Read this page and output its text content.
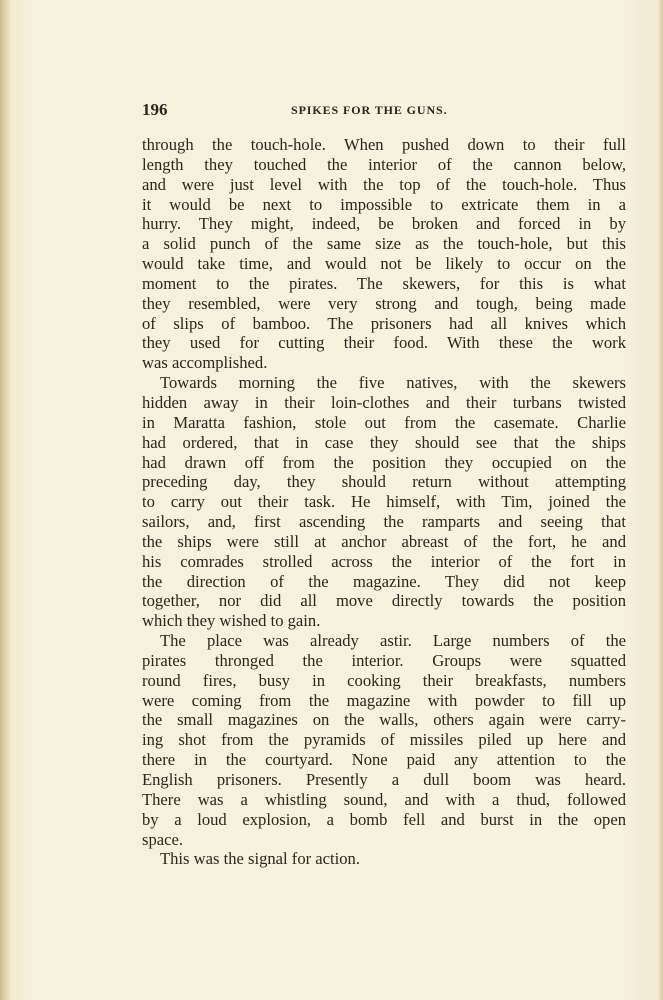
196	SPIKES FOR THE GUNS.
through the touch-hole. When pushed down to their full
length they touched the interior of the cannon below,
and were just level with the top of the touch-hole. Thus
it would be next to impossible to extricate them in a
hurry. They might, indeed, be broken and forced in by
a solid punch of the same size as the touch-hole, but this
would take time, and would not be likely to occur on the
moment to the pirates. The skewers, for this is what
they resembled, were very strong and tough, being made
of slips of bamboo. The prisoners had all knives which
they used for cutting their food. With these the work
was accomplished.
Towards morning the five natives, with the skewers
hidden away in their loin-clothes and their turbans twisted
in Maratta fashion, stole out from the casemate. Charlie
had ordered, that in case they should see that the ships
had drawn off from the position they occupied on the
preceding day, they should return without attempting
to carry out their task. He himself, with Tim, joined the
sailors, and, first ascending the ramparts and seeing that
the ships were still at anchor abreast of the fort, he and
his comrades strolled across the interior of the fort in
the direction of the magazine. They did not keep
together, nor did all move directly towards the position
which they wished to gain.
The place was already astir. Large numbers of the
pirates thronged the interior. Groups were squatted
round fires, busy in cooking their breakfasts, numbers
were coming from the magazine with powder to fill up
the small magazines on the walls, others again were carry-
ing shot from the pyramids of missiles piled up here and
there in the courtyard. None paid any attention to the
English prisoners. Presently a dull boom was heard.
There was a whistling sound, and with a thud, followed
by a loud explosion, a bomb fell and burst in the open
space.
This was the signal for action.
